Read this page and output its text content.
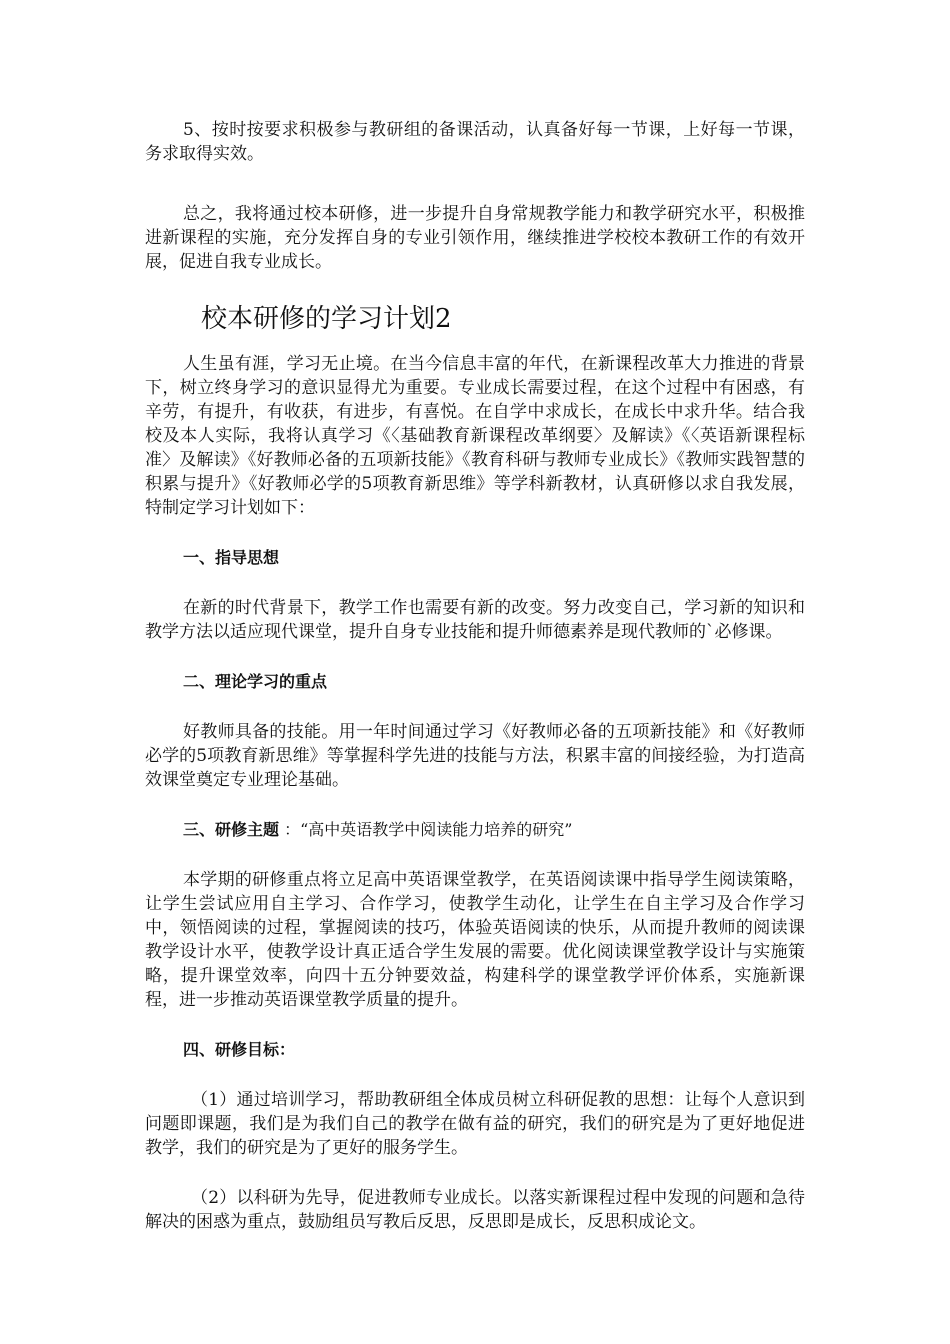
5、按时按要求积极参与教研组的备课活动，认真备好每一节课，上好每一节课，务求取得实效。

总之，我将通过校本研修，进一步提升自身常规教学能力和教学研究水平，积极推进新课程的实施，充分发挥自身的专业引领作用，继续推进学校校本教研工作的有效开展，促进自我专业成长。

校本研修的学习计划2

人生虽有涯，学习无止境。在当今信息丰富的年代，在新课程改革大力推进的背景下，树立终身学习的意识显得尤为重要。专业成长需要过程，在这个过程中有困惑，有辛劳，有提升，有收获，有进步，有喜悦。在自学中求成长，在成长中求升华。结合我校及本人实际，我将认真学习《〈基础教育新课程改革纲要〉及解读》《〈英语新课程标准〉及解读》《好教师必备的五项新技能》《教育科研与教师专业成长》《教师实践智慧的积累与提升》《好教师必学的5项教育新思维》等学科新教材，认真研修以求自我发展，特制定学习计划如下：

一、指导思想

在新的时代背景下，教学工作也需要有新的改变。努力改变自己，学习新的知识和教学方法以适应现代课堂，提升自身专业技能和提升师德素养是现代教师的`必修课。

二、理论学习的重点

好教师具备的技能。用一年时间通过学习《好教师必备的五项新技能》和《好教师必学的5项教育新思维》等掌握科学先进的技能与方法，积累丰富的间接经验，为打造高效课堂奠定专业理论基础。

三、研修主题 ：“高中英语教学中阅读能力培养的研究”

本学期的研修重点将立足高中英语课堂教学，在英语阅读课中指导学生阅读策略，让学生尝试应用自主学习、合作学习，使教学生动化，让学生在自主学习及合作学习中，领悟阅读的过程，掌握阅读的技巧，体验英语阅读的快乐，从而提升教师的阅读课教学设计水平，使教学设计真正适合学生发展的需要。优化阅读课堂教学设计与实施策略，提升课堂效率，向四十五分钟要效益，构建科学的课堂教学评价体系，实施新课程，进一步推动英语课堂教学质量的提升。

四、研修目标：

（1）通过培训学习，帮助教研组全体成员树立科研促教的思想：让每个人意识到问题即课题，我们是为我们自己的教学在做有益的研究，我们的研究是为了更好地促进教学，我们的研究是为了更好的服务学生。

（2）以科研为先导，促进教师专业成长。以落实新课程过程中发现的问题和急待解决的困惑为重点，鼓励组员写教后反思，反思即是成长，反思积成论文。
